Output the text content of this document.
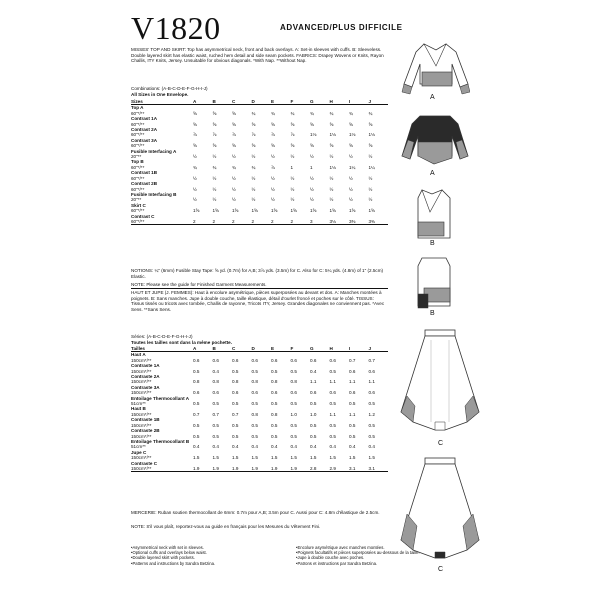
V1820	ADVANCED/PLUS DIFFICILE
MISSES' TOP AND SKIRT: Top has asymmetrical neck, front and back overlays. A: Set-in sleeves with cuffs. B: Sleeveless. Double layered skirt has elastic waist, ruched hem detail and side seam pockets. FABRICS: Drapey Wovens or Knits, Rayon Challis, ITY Knits, Jersey. Unsuitable for obvious diagonals. *With Nap. **Without Nap.
Combinations: (A-B-C-D-E-F-G-H-I-J)
All Sizes in One Envelope.
Sizes	A	B	C	D	E	F	G	H	I	J
Top A										
60"*/**	⅝	⅝	⅝	¾	¾	¾	¾	¾	¾	¾
Contrast 1A										
60"*/**	⅝	⅝	⅝	⅝	⅝	⅝	⅝	⅝	⅝	⅝
Contrast 2A										
60"*/**	⅞	⅞	⅞	⅞	⅞	⅞	1⅛	1⅛	1⅛	1⅛
Contrast 3A										
60"*/**	⅝	⅝	⅝	⅝	⅝	⅝	⅝	⅝	⅝	⅝
Fusible Interfacing A										
20"**	½	½	½	½	½	½	½	½	½	½
Top B										
60"*/**	¾	¾	¾	¾	⅞	1	1	1⅛	1¼	1¼
Contrast 1B										
60"*/**	½	½	½	½	½	½	½	½	½	½
Contrast 2B										
60"*/**	½	½	½	½	½	½	½	½	½	½
Fusible Interfacing B										
20"**	½	½	½	½	½	½	½	½	½	½
Skirt C										
60"*/**	1⅝	1⅝	1⅝	1⅝	1⅝	1⅝	1⅝	1⅝	1⅝	1⅝
Contrast C										
60"*/**	2	2	2	2	2	2	3	3⅛	3⅜	3⅜
NOTIONS: ¼" (6mm) Fusible Stay Tape: ⅝ yd. (0.7m) for A,B; 3⅞ yds. (3.5m) for C. Also for C: 5¼ yds. (4.8m) of 1" (2.5cm) Elastic.
NOTE: Please see the guide for Finished Garment Measurements.
HAUT ET JUPE (J. FEMMES): Haut à encolure asymétrique, pièces superposées au devant et dos. A: Manches montées à poignets. B: Sans manches. Jupe à double couche, taille élastique, détail d'ourlet froncé et poches sur le côté. TISSUS: Tissus tissés ou tricots avec tombée, Challis de rayonne, Tricots ITY, Jersey. Grandes diagonales ne conviennent pas. *Avec Sens. **Sans Sens.
Séries: (A-B-C-D-E-F-G-H-I-J)
Toutes les tailles sont dans la même pochette.
Tailles	A	B	C	D	E	F	G	H	I	J
Haut A										
150cm*/**	0.6	0.6	0.6	0.6	0.6	0.6	0.6	0.6	0.7	0.7
Contraste 1A										
150cm*/**	0.5	0.4	0.5	0.5	0.5	0.5	0.4	0.5	0.6	0.6
Contraste 2A										
150cm*/**	0.8	0.8	0.8	0.8	0.8	0.8	1.1	1.1	1.1	1.1
Contraste 3A										
150cm*/**	0.6	0.6	0.6	0.6	0.6	0.6	0.6	0.6	0.6	0.6
Entoilage Thermocollant A										
51cm**	0.5	0.5	0.5	0.5	0.5	0.5	0.5	0.5	0.5	0.5
Haut B										
150cm*/**	0.7	0.7	0.7	0.8	0.8	1.0	1.0	1.1	1.1	1.2
Contraste 1B										
150cm*/**	0.5	0.5	0.5	0.5	0.5	0.5	0.5	0.5	0.5	0.5
Contraste 2B										
150cm*/**	0.5	0.5	0.5	0.5	0.5	0.5	0.5	0.5	0.5	0.5
Entoilage Thermocollant B										
51cm**	0.4	0.4	0.4	0.4	0.4	0.4	0.4	0.4	0.4	0.4
Jupe C										
150cm*/**	1.5	1.5	1.5	1.5	1.5	1.5	1.5	1.5	1.5	1.5
Contraste C										
150cm*/**	1.9	1.9	1.9	1.9	1.9	1.9	2.8	2.9	3.1	3.1
MERCERIE: Ruban soutien thermocollant de 6mm: 0.7m pour A,B; 3.5m pour C. Aussi pour C: 4.8m d'élastique de 2.5cm.
NOTE: S'il vous plaît, reportez-vous au guide en français pour les Mesures du Vêtement Fini.
• Asymmetrical neck with set in sleeves.
• Optional cuffs and overlays below waist.
• Double layered skirt with pockets.
• Patterns and instructions by Sandra Betzina.
• Encolure asymétrique avec manches montées.
• Poignets facultatifs et pièces superposées au-dessous de la taille.
• Jupe à double couche avec poches.
• Patrons et instructions par Sandra Betzina.
A
A
B
B
C
C
